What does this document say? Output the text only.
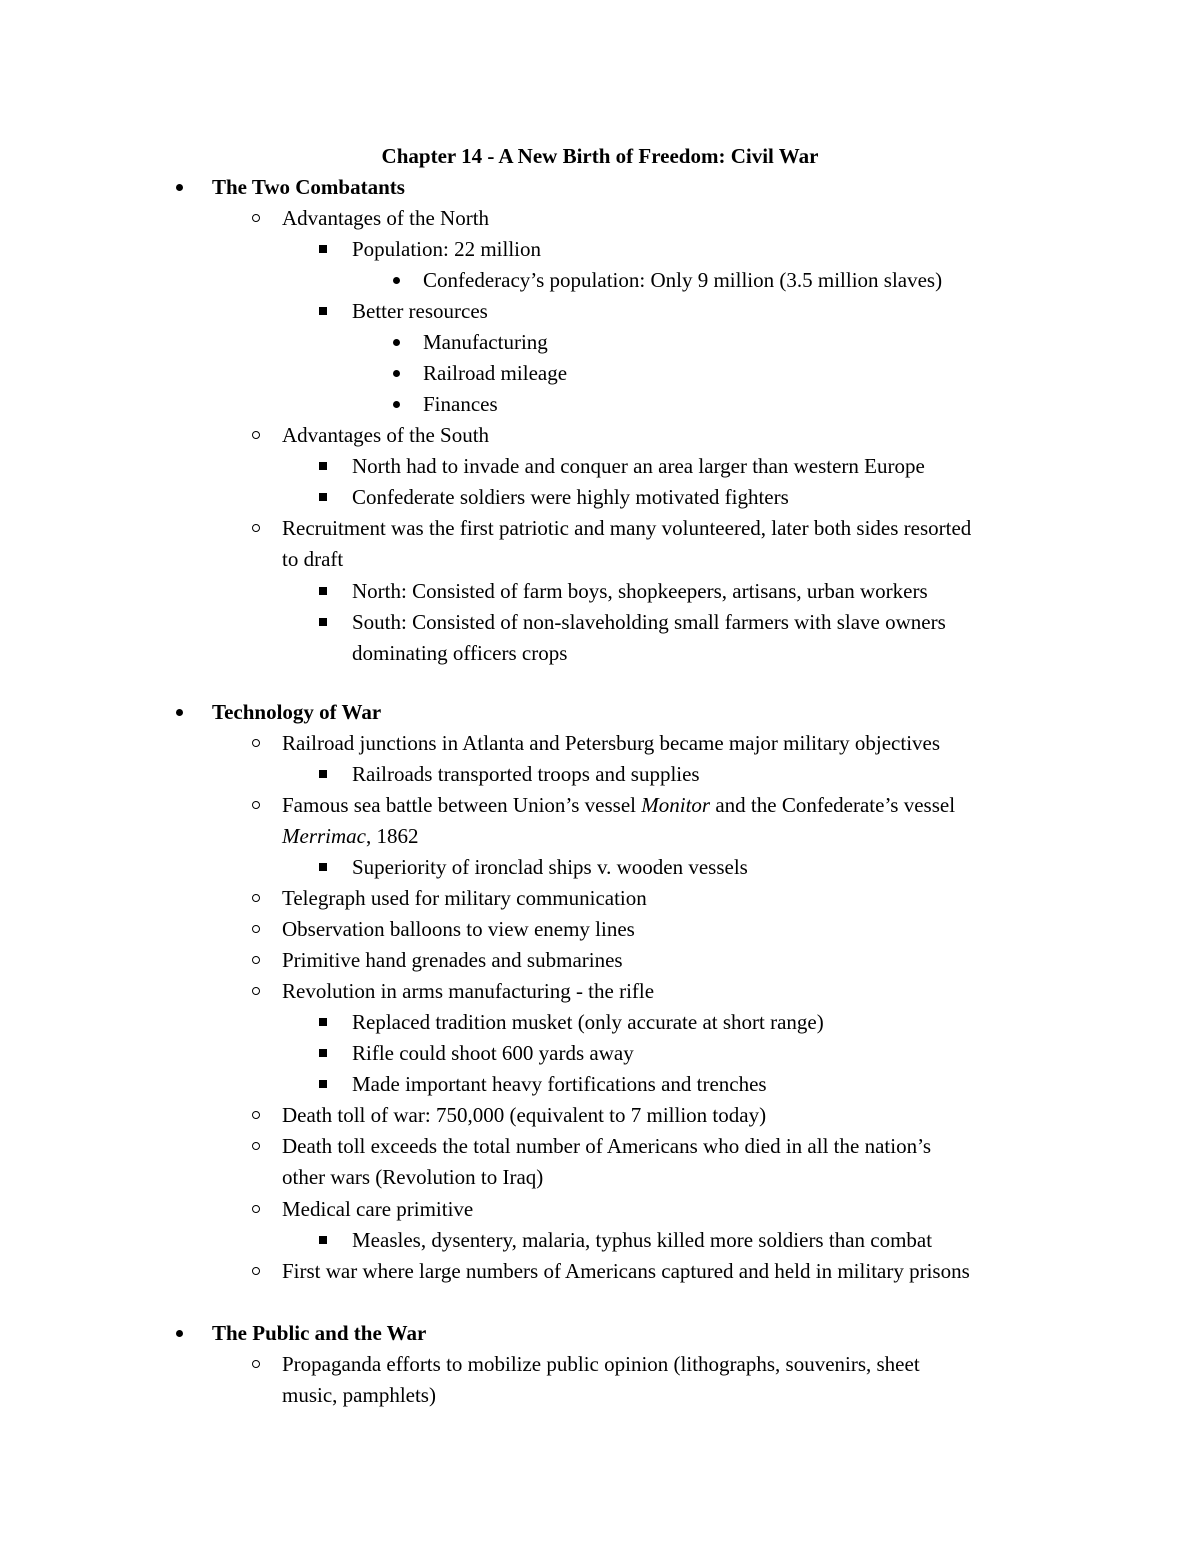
Chapter 14 - A New Birth of Freedom: Civil War
The Two Combatants
Advantages of the North
Population: 22 million
Confederacy’s population: Only 9 million (3.5 million slaves)
Better resources
Manufacturing
Railroad mileage
Finances
Advantages of the South
North had to invade and conquer an area larger than western Europe
Confederate soldiers were highly motivated fighters
Recruitment was the first patriotic and many volunteered, later both sides resorted
to draft
North: Consisted of farm boys, shopkeepers, artisans, urban workers
South: Consisted of non-slaveholding small farmers with slave owners
dominating officers crops
Technology of War
Railroad junctions in Atlanta and Petersburg became major military objectives
Railroads transported troops and supplies
Famous sea battle between Union’s vessel Monitor and the Confederate’s vessel
Merrimac, 1862
Superiority of ironclad ships v. wooden vessels
Telegraph used for military communication
Observation balloons to view enemy lines
Primitive hand grenades and submarines
Revolution in arms manufacturing - the rifle
Replaced tradition musket (only accurate at short range)
Rifle could shoot 600 yards away
Made important heavy fortifications and trenches
Death toll of war: 750,000 (equivalent to 7 million today)
Death toll exceeds the total number of Americans who died in all the nation’s
other wars (Revolution to Iraq)
Medical care primitive
Measles, dysentery, malaria, typhus killed more soldiers than combat
First war where large numbers of Americans captured and held in military prisons
The Public and the War
Propaganda efforts to mobilize public opinion (lithographs, souvenirs, sheet
music, pamphlets)
